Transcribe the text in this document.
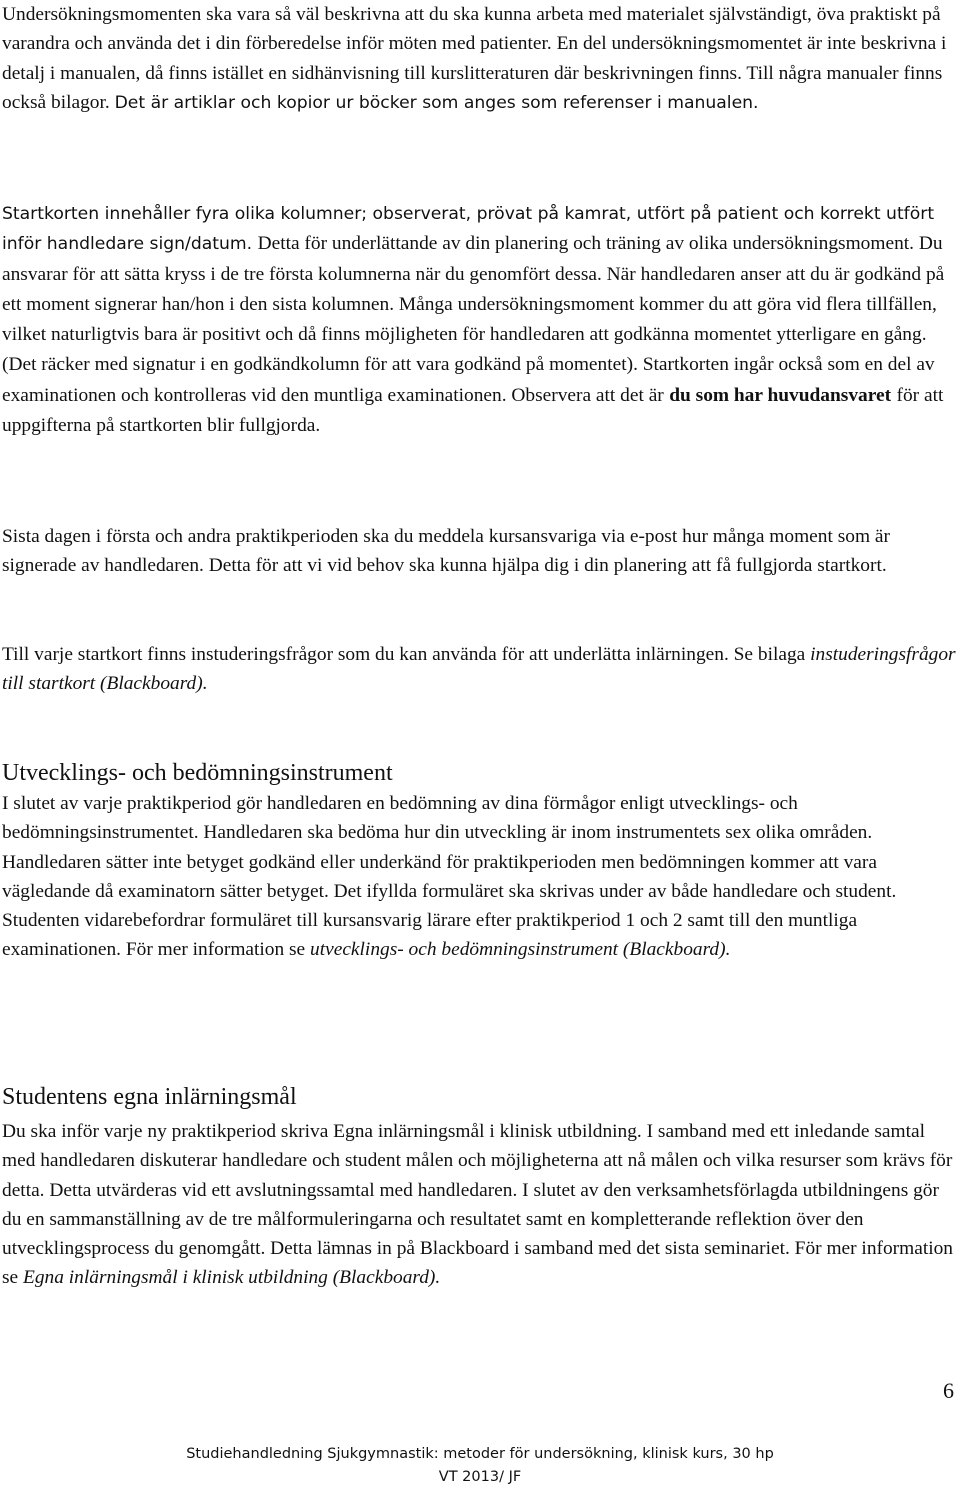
Undersökningsmomenten ska vara så väl beskrivna att du ska kunna arbeta med materialet självständigt, öva praktiskt på varandra och använda det i din förberedelse inför möten med patienter. En del undersökningsmomentet är inte beskrivna i detalj i manualen, då finns istället en sidhänvisning till kurslitteraturen där beskrivningen finns. Till några manualer finns också bilagor. Det är artiklar och kopior ur böcker som anges som referenser i manualen.

Startkorten innehåller fyra olika kolumner; observerat, prövat på kamrat, utfört på patient och korrekt utfört inför handledare sign/datum. Detta för underlättande av din planering och träning av olika undersökningsmoment. Du ansvarar för att sätta kryss i de tre första kolumnerna när du genomfört dessa. När handledaren anser att du är godkänd på ett moment signerar han/hon i den sista kolumnen. Många undersökningsmoment kommer du att göra vid flera tillfällen, vilket naturligtvis bara är positivt och då finns möjligheten för handledaren att godkänna momentet ytterligare en gång. (Det räcker med signatur i en godkändkolumn för att vara godkänd på momentet). Startkorten ingår också som en del av examinationen och kontrolleras vid den muntliga examinationen. Observera att det är du som har huvudansvaret för att uppgifterna på startkorten blir fullgjorda.

Sista dagen i första och andra praktikperioden ska du meddela kursansvariga via e-post hur många moment som är signerade av handledaren. Detta för att vi vid behov ska kunna hjälpa dig i din planering att få fullgjorda startkort.

Till varje startkort finns instuderingsfrågor som du kan använda för att underlätta inlärningen. Se bilaga instuderingsfrågor till startkort (Blackboard).

Utvecklings- och bedömningsinstrument

I slutet av varje praktikperiod gör handledaren en bedömning av dina förmågor enligt utvecklings- och bedömningsinstrumentet. Handledaren ska bedöma hur din utveckling är inom instrumentets sex olika områden. Handledaren sätter inte betyget godkänd eller underkänd för praktikperioden men bedömningen kommer att vara vägledande då examinatorn sätter betyget. Det ifyllda formuläret ska skrivas under av både handledare och student. Studenten vidarebefordrar formuläret till kursansvarig lärare efter praktikperiod 1 och 2 samt till den muntliga examinationen. För mer information se utvecklings- och bedömningsinstrument (Blackboard).

Studentens egna inlärningsmål

Du ska inför varje ny praktikperiod skriva Egna inlärningsmål i klinisk utbildning. I samband med ett inledande samtal med handledaren diskuterar handledare och student målen och möjligheterna att nå målen och vilka resurser som krävs för detta. Detta utvärderas vid ett avslutningssamtal med handledaren. I slutet av den verksamhetsförlagda utbildningens gör du en sammanställning av de tre målformuleringarna och resultatet samt en kompletterande reflektion över den utvecklingsprocess du genomgått. Detta lämnas in på Blackboard i samband med det sista seminariet. För mer information se Egna inlärningsmål i klinisk utbildning (Blackboard).

6

Studiehandledning Sjukgymnastik: metoder för undersökning, klinisk kurs, 30 hp

VT 2013/ JF
